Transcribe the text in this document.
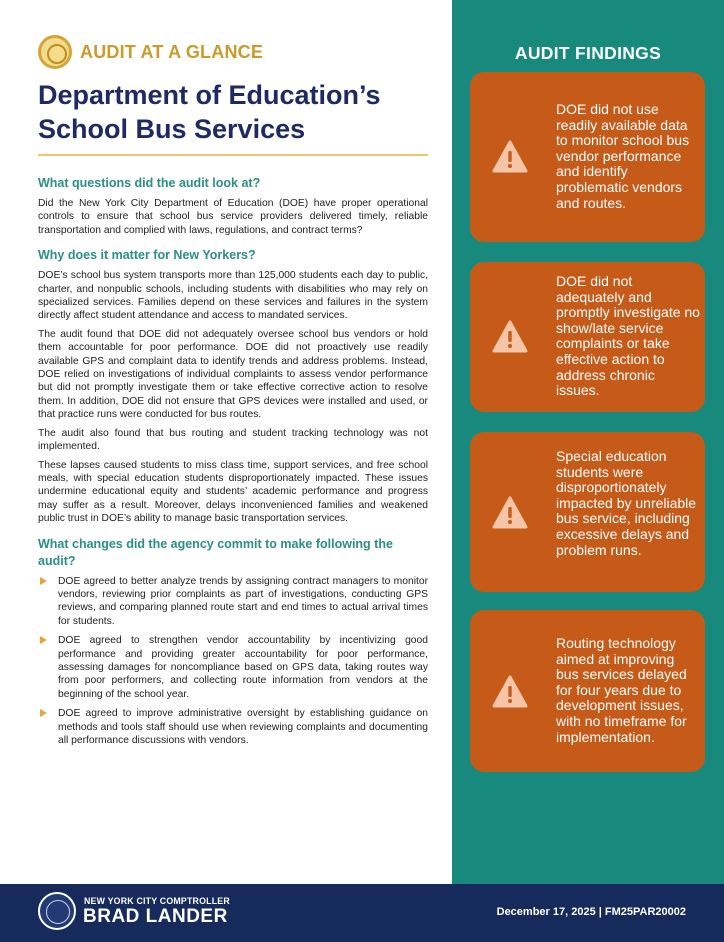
AUDIT AT A GLANCE
Department of Education’s
School Bus Services
What questions did the audit look at?

Did the New York City Department of Education (DOE) have proper operational controls to ensure that school bus service providers delivered timely, reliable transportation and complied with laws, regulations, and contract terms?

Why does it matter for New Yorkers?

DOE’s school bus system transports more than 125,000 students each day to public, charter, and nonpublic schools, including students with disabilities who may rely on specialized services. Families depend on these services and failures in the system directly affect student attendance and access to mandated services.

The audit found that DOE did not adequately oversee school bus vendors or hold them accountable for poor performance. DOE did not proactively use readily available GPS and complaint data to identify trends and address problems. Instead, DOE relied on investigations of individual complaints to assess vendor performance but did not promptly investigate them or take effective corrective action to resolve them. In addition, DOE did not ensure that GPS devices were installed and used, or that practice runs were conducted for bus routes.

The audit also found that bus routing and student tracking technology was not implemented.

These lapses caused students to miss class time, support services, and free school meals, with special education students disproportionately impacted. These issues undermine educational equity and students’ academic performance and progress may suffer as a result. Moreover, delays inconvenienced families and weakened public trust in DOE’s ability to manage basic transportation services.

What changes did the agency commit to make following the audit?
DOE agreed to better analyze trends by assigning contract managers to monitor vendors, reviewing prior complaints as part of investigations, conducting GPS reviews, and comparing planned route start and end times to actual arrival times for students.
DOE agreed to strengthen vendor accountability by incentivizing good performance and providing greater accountability for poor performance, assessing damages for noncompliance based on GPS data, taking routes way from poor performers, and collecting route information from vendors at the beginning of the school year.
DOE agreed to improve administrative oversight by establishing guidance on methods and tools staff should use when reviewing complaints and documenting all performance discussions with vendors.
AUDIT FINDINGS
DOE did not use readily available data to monitor school bus vendor performance and identify problematic vendors and routes.
DOE did not adequately and promptly investigate no show/late service complaints or take effective action to address chronic issues.
Special education students were disproportionately impacted by unreliable bus service, including excessive delays and problem runs.
Routing technology aimed at improving bus services delayed for four years due to development issues, with no timeframe for implementation.
NEW YORK CITY COMPTROLLER
BRAD LANDER	December 17, 2025 | FM25PAR20002
